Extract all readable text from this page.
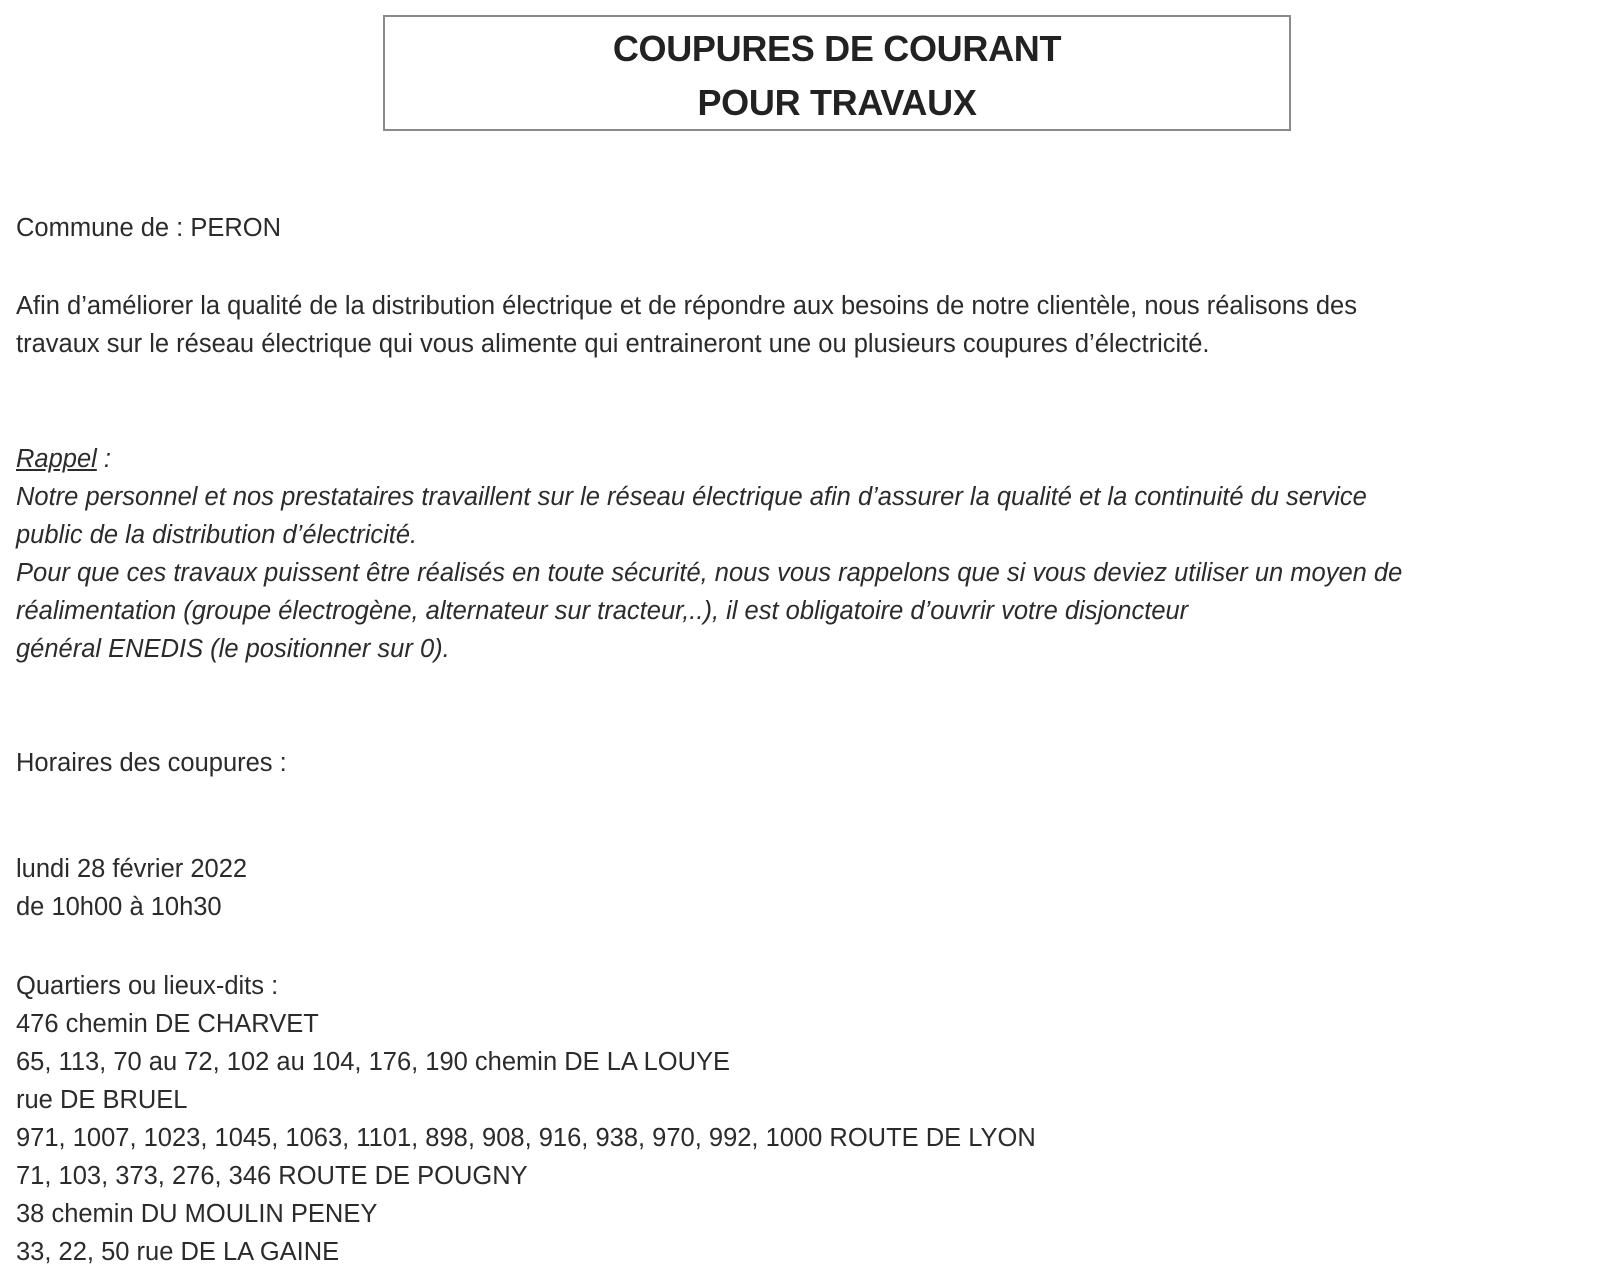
COUPURES DE COURANT
POUR TRAVAUX
Commune de : PERON
Afin d’améliorer la qualité de la distribution électrique et de répondre aux besoins de notre clientèle, nous réalisons des
travaux sur le réseau électrique qui vous alimente qui entraineront une ou plusieurs coupures d’électricité.
Rappel :
Notre personnel et nos prestataires travaillent sur le réseau électrique afin d’assurer la qualité et la continuité du service
public de la distribution d’électricité.
Pour que ces travaux puissent être réalisés en toute sécurité, nous vous rappelons que si vous deviez utiliser un moyen de
réalimentation (groupe électrogène, alternateur sur tracteur,..), il est obligatoire d’ouvrir votre disjoncteur
général ENEDIS (le positionner sur 0).
Horaires des coupures :
lundi 28 février 2022
de 10h00 à 10h30
Quartiers ou lieux-dits :
476 chemin DE CHARVET
65, 113, 70 au 72, 102 au 104, 176, 190 chemin DE LA LOUYE
rue DE BRUEL
971, 1007, 1023, 1045, 1063, 1101, 898, 908, 916, 938, 970, 992, 1000 ROUTE DE LYON
71, 103, 373, 276, 346 ROUTE DE POUGNY
38 chemin DU MOULIN PENEY
33, 22, 50 rue DE LA GAINE
